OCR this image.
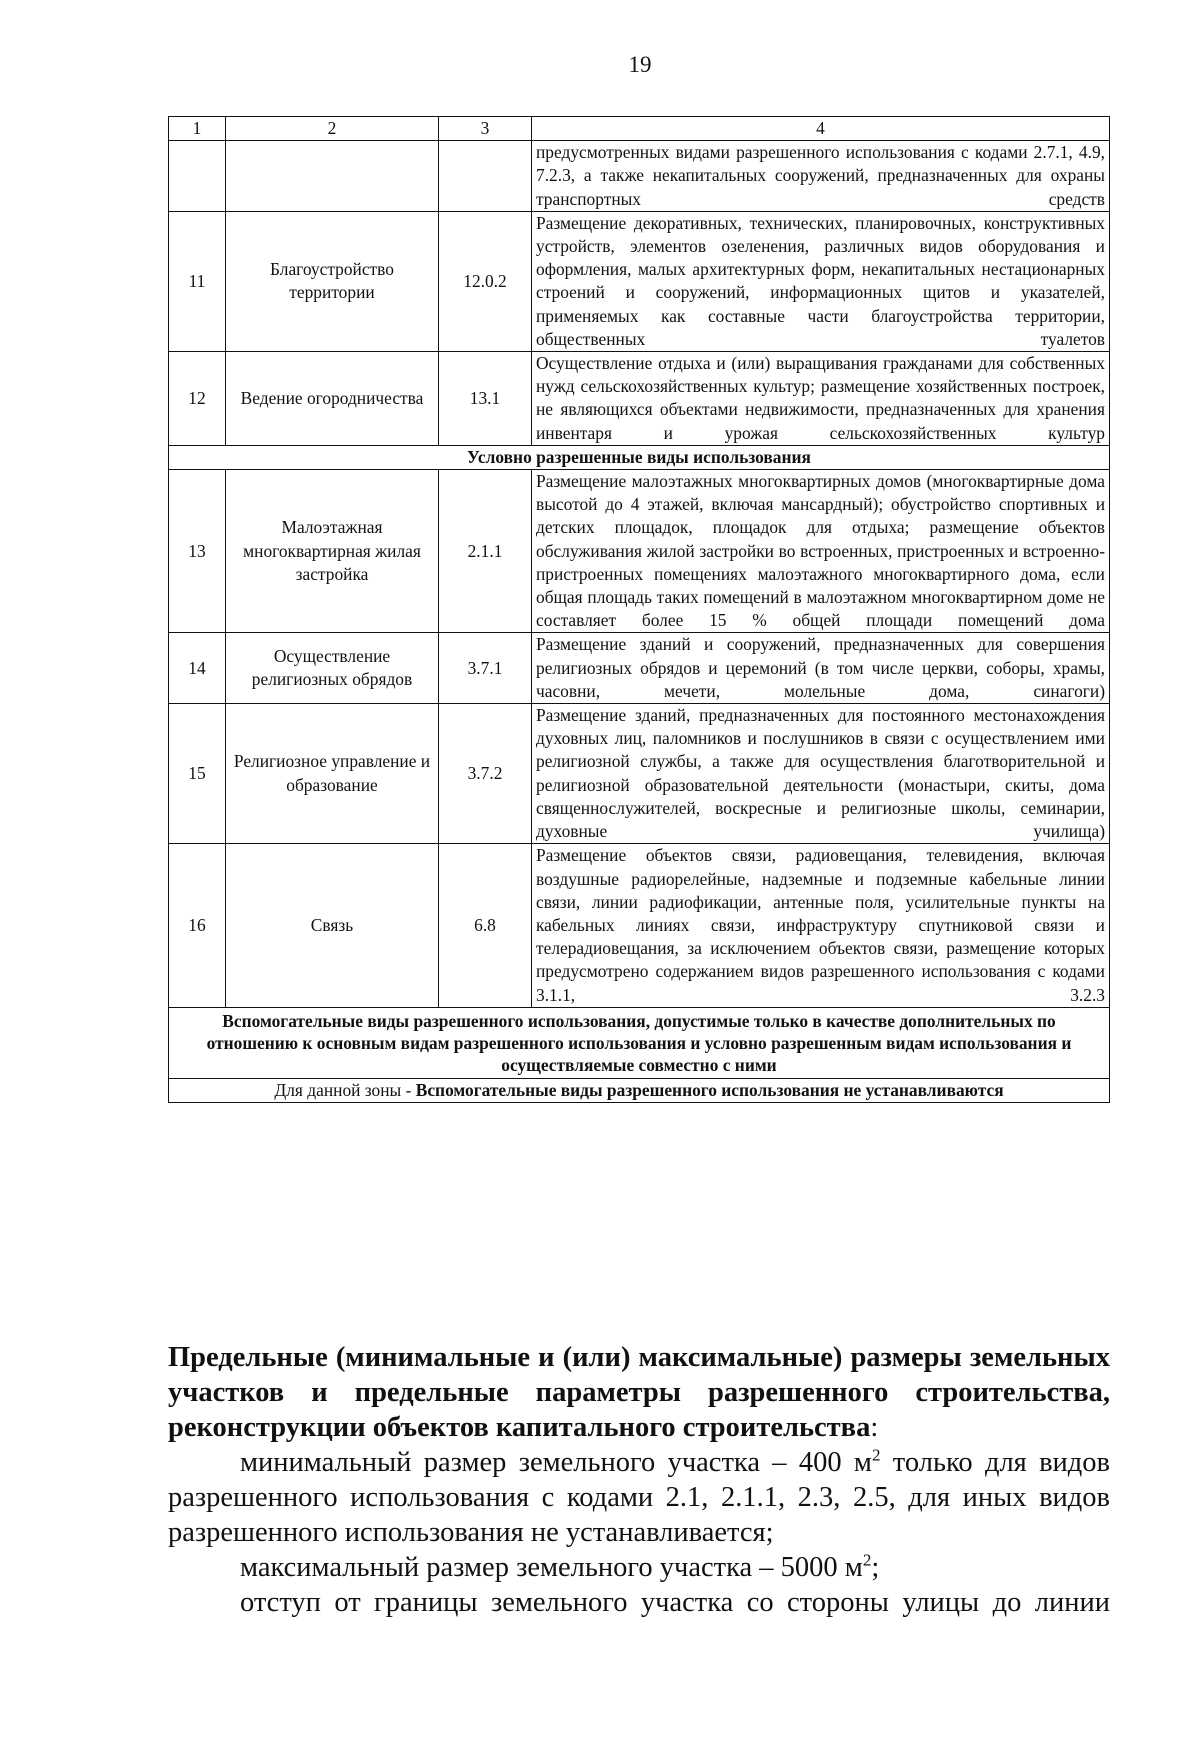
19
1	2	3	4
			предусмотренных видами разрешенного использования с кодами 2.7.1, 4.9, 7.2.3, а также некапитальных сооружений, предназначенных для охраны транспортных средств
11	Благоустройство территории	12.0.2	Размещение декоративных, технических, планировочных, конструктивных устройств, элементов озеленения, различных видов оборудования и оформления, малых архитектурных форм, некапитальных нестационарных строений и сооружений, информационных щитов и указателей, применяемых как составные части благоустройства территории, общественных туалетов
12	Ведение огородничества	13.1	Осуществление отдыха и (или) выращивания гражданами для собственных нужд сельскохозяйственных культур; размещение хозяйственных построек, не являющихся объектами недвижимости, предназначенных для хранения инвентаря и урожая сельскохозяйственных культур
Условно разрешенные виды использования			
13	Малоэтажная многоквартирная жилая застройка	2.1.1	Размещение малоэтажных многоквартирных домов (многоквартирные дома высотой до 4 этажей, включая мансардный); обустройство спортивных и детских площадок, площадок для отдыха; размещение объектов обслуживания жилой застройки во встроенных, пристроенных и встроенно-пристроенных помещениях малоэтажного многоквартирного дома, если общая площадь таких помещений в малоэтажном многоквартирном доме не составляет более 15 % общей площади помещений дома
14	Осуществление религиозных обрядов	3.7.1	Размещение зданий и сооружений, предназначенных для совершения религиозных обрядов и церемоний (в том числе церкви, соборы, храмы, часовни, мечети, молельные дома, синагоги)
15	Религиозное управление и образование	3.7.2	Размещение зданий, предназначенных для постоянного местонахождения духовных лиц, паломников и послушников в связи с осуществлением ими религиозной службы, а также для осуществления благотворительной и религиозной образовательной деятельности (монастыри, скиты, дома священнослужителей, воскресные и религиозные школы, семинарии, духовные училища)
16	Связь	6.8	Размещение объектов связи, радиовещания, телевидения, включая воздушные радиорелейные, надземные и подземные кабельные линии связи, линии радиофикации, антенные поля, усилительные пункты на кабельных линиях связи, инфраструктуру спутниковой связи и телерадиовещания, за исключением объектов связи, размещение которых предусмотрено содержанием видов разрешенного использования с кодами 3.1.1, 3.2.3
Вспомогательные виды разрешенного использования, допустимые только в качестве дополнительных по отношению к основным видам разрешенного использования и условно разрешенным видам использования и осуществляемые совместно с ними			
Для данной зоны - Вспомогательные виды разрешенного использования не устанавливаются			
Предельные (минимальные и (или) максимальные) размеры земельных участков и предельные параметры разрешенного строительства, реконструкции объектов капитального строительства:
минимальный размер земельного участка – 400 $м^2$ только для видов разрешенного использования с кодами 2.1, 2.1.1, 2.3, 2.5, для иных видов разрешенного использования не устанавливается;
максимальный размер земельного участка – 5000 $м^2$;
отступ от границы земельного участка со стороны улицы до линии
